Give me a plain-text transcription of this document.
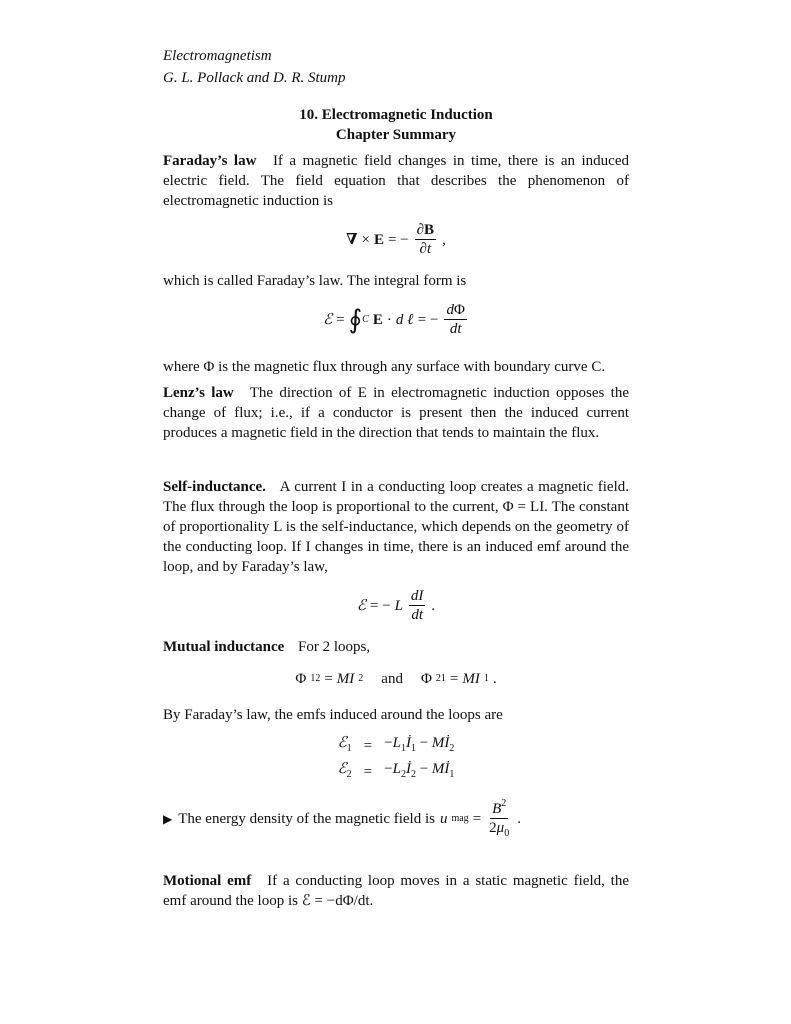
Electromagnetism
G. L. Pollack and D. R. Stump
10. Electromagnetic Induction
Chapter Summary

Faraday’s law If a magnetic field changes in time, there is an induced electric field. The field equation that describes the phenomenon of electromagnetic induction is

∇ × E = − $\frac{\partial B}{\partial t}$ ,

which is called Faraday’s law. The integral form is

ℰ = ∮ C E · d ℓ = − $\frac{d\Phi}{dt}$

where Φ is the magnetic flux through any surface with boundary curve C.

Lenz’s law The direction of E in electromagnetic induction opposes the change of flux; i.e., if a conductor is present then the induced current produces a magnetic field in the direction that tends to maintain the flux.

Self-inductance. A current I in a conducting loop creates a magnetic field. The flux through the loop is proportional to the current, Φ = LI. The constant of proportionality L is the self-inductance, which depends on the geometry of the conducting loop. If I changes in time, there is an induced emf around the loop, and by Faraday’s law,

ℰ = − L $\frac{dI}{dt}$ .

Mutual inductance For 2 loops,

Φ 12 = MI 2 and Φ 21 = MI 1 .

By Faraday’s law, the emfs induced around the loops are

ℰ$_1$	=	$-L_1İ_1$ − $Mİ_2$
ℰ$_2$	=	$-L_2İ_2$ − $Mİ_1$
▶ The energy density of the magnetic field is u mag = $\frac{B^2}{2\mu_0}$ .

Motional emf If a conducting loop moves in a static magnetic field, the emf around the loop is ℰ = −dΦ/dt.
